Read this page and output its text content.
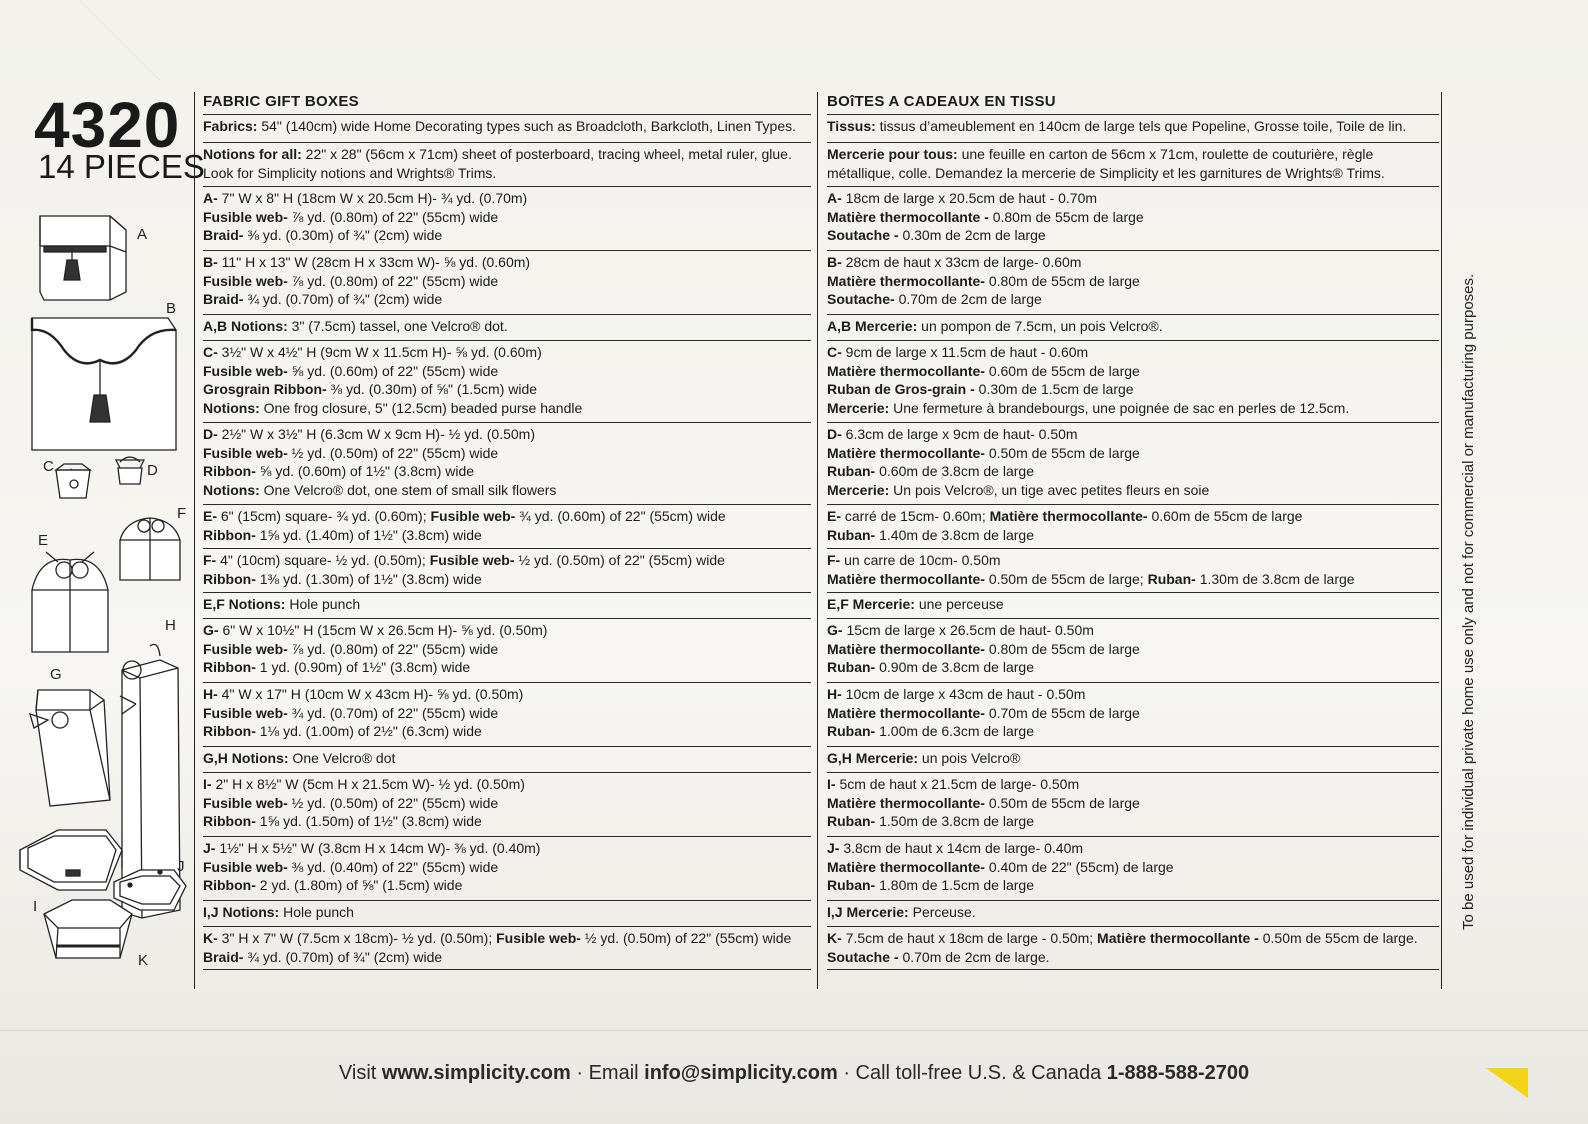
4320
14 PIECES
A
B
C	D
E
F
G
H
I
J
K
FABRIC GIFT BOXES
Fabrics: 54" (140cm) wide Home Decorating types such as Broadcloth, Barkcloth, Linen Types.
Notions for all: 22" x 28" (56cm x 71cm) sheet of posterboard, tracing wheel, metal ruler, glue.
Look for Simplicity notions and Wrights® Trims.
A- 7" W x 8" H (18cm W x 20.5cm H)- ¾ yd. (0.70m)
Fusible web- ⅞ yd. (0.80m) of 22" (55cm) wide
Braid- ⅜ yd. (0.30m) of ¾" (2cm) wide
B- 11" H x 13" W (28cm H x 33cm W)- ⅝ yd. (0.60m)
Fusible web- ⅞ yd. (0.80m) of 22" (55cm) wide
Braid- ¾ yd. (0.70m) of ¾" (2cm) wide
A,B Notions: 3" (7.5cm) tassel, one Velcro® dot.
C- 3½" W x 4½" H (9cm W x 11.5cm H)- ⅝ yd. (0.60m)
Fusible web- ⅝ yd. (0.60m) of 22" (55cm) wide
Grosgrain Ribbon- ⅜ yd. (0.30m) of ⅝" (1.5cm) wide
Notions: One frog closure, 5" (12.5cm) beaded purse handle
D- 2½" W x 3½" H (6.3cm W x 9cm H)- ½ yd. (0.50m)
Fusible web- ½ yd. (0.50m) of 22" (55cm) wide
Ribbon- ⅝ yd. (0.60m) of 1½" (3.8cm) wide
Notions: One Velcro® dot, one stem of small silk flowers
E- 6" (15cm) square- ¾ yd. (0.60m); Fusible web- ¾ yd. (0.60m) of 22" (55cm) wide
Ribbon- 1⅝ yd. (1.40m) of 1½" (3.8cm) wide
F- 4" (10cm) square- ½ yd. (0.50m); Fusible web- ½ yd. (0.50m) of 22" (55cm) wide
Ribbon- 1⅜ yd. (1.30m) of 1½" (3.8cm) wide
E,F Notions: Hole punch
G- 6" W x 10½" H (15cm W x 26.5cm H)- ⅝ yd. (0.50m)
Fusible web- ⅞ yd. (0.80m) of 22" (55cm) wide
Ribbon- 1 yd. (0.90m) of 1½" (3.8cm) wide
H- 4" W x 17" H (10cm W x 43cm H)- ⅝ yd. (0.50m)
Fusible web- ¾ yd. (0.70m) of 22" (55cm) wide
Ribbon- 1⅛ yd. (1.00m) of 2½" (6.3cm) wide
G,H Notions: One Velcro® dot
I- 2" H x 8½" W (5cm H x 21.5cm W)- ½ yd. (0.50m)
Fusible web- ½ yd. (0.50m) of 22" (55cm) wide
Ribbon- 1⅝ yd. (1.50m) of 1½" (3.8cm) wide
J- 1½" H x 5½" W (3.8cm H x 14cm W)- ⅜ yd. (0.40m)
Fusible web- ⅜ yd. (0.40m) of 22" (55cm) wide
Ribbon- 2 yd. (1.80m) of ⅝" (1.5cm) wide
I,J Notions: Hole punch
K- 3" H x 7" W (7.5cm x 18cm)- ½ yd. (0.50m); Fusible web- ½ yd. (0.50m) of 22" (55cm) wide
Braid- ¾ yd. (0.70m) of ¾" (2cm) wide
BOîTES A CADEAUX EN TISSU
Tissus: tissus d’ameublement en 140cm de large tels que Popeline, Grosse toile, Toile de lin.
Mercerie pour tous: une feuille en carton de 56cm x 71cm, roulette de couturière, règle
métallique, colle. Demandez la mercerie de Simplicity et les garnitures de Wrights® Trims.
A- 18cm de large x 20.5cm de haut - 0.70m
Matière thermocollante - 0.80m de 55cm de large
Soutache - 0.30m de 2cm de large
B- 28cm de haut x 33cm de large- 0.60m
Matière thermocollante- 0.80m de 55cm de large
Soutache- 0.70m de 2cm de large
A,B Mercerie: un pompon de 7.5cm, un pois Velcro®.
C- 9cm de large x 11.5cm de haut - 0.60m
Matière thermocollante- 0.60m de 55cm de large
Ruban de Gros-grain - 0.30m de 1.5cm de large
Mercerie: Une fermeture à brandebourgs, une poignée de sac en perles de 12.5cm.
D- 6.3cm de large x 9cm de haut- 0.50m
Matière thermocollante- 0.50m de 55cm de large
Ruban- 0.60m de 3.8cm de large
Mercerie: Un pois Velcro®, un tige avec petites fleurs en soie
E- carré de 15cm- 0.60m; Matière thermocollante- 0.60m de 55cm de large
Ruban- 1.40m de 3.8cm de large
F- un carre de 10cm- 0.50m
Matière thermocollante- 0.50m de 55cm de large; Ruban- 1.30m de 3.8cm de large
E,F Mercerie: une perceuse
G- 15cm de large x 26.5cm de haut- 0.50m
Matière thermocollante- 0.80m de 55cm de large
Ruban- 0.90m de 3.8cm de large
H- 10cm de large x 43cm de haut - 0.50m
Matière thermocollante- 0.70m de 55cm de large
Ruban- 1.00m de 6.3cm de large
G,H Mercerie: un pois Velcro®
I- 5cm de haut x 21.5cm de large- 0.50m
Matière thermocollante- 0.50m de 55cm de large
Ruban- 1.50m de 3.8cm de large
J- 3.8cm de haut x 14cm de large- 0.40m
Matière thermocollante- 0.40m de 22" (55cm) de large
Ruban- 1.80m de 1.5cm de large
I,J Mercerie: Perceuse.
K- 7.5cm de haut x 18cm de large - 0.50m; Matière thermocollante - 0.50m de 55cm de large.
Soutache - 0.70m de 2cm de large.
To be used for individual private home use only and not for commercial or manufacturing purposes.
Visit www.simplicity.com · Email info@simplicity.com · Call toll-free U.S. & Canada 1-888-588-2700
